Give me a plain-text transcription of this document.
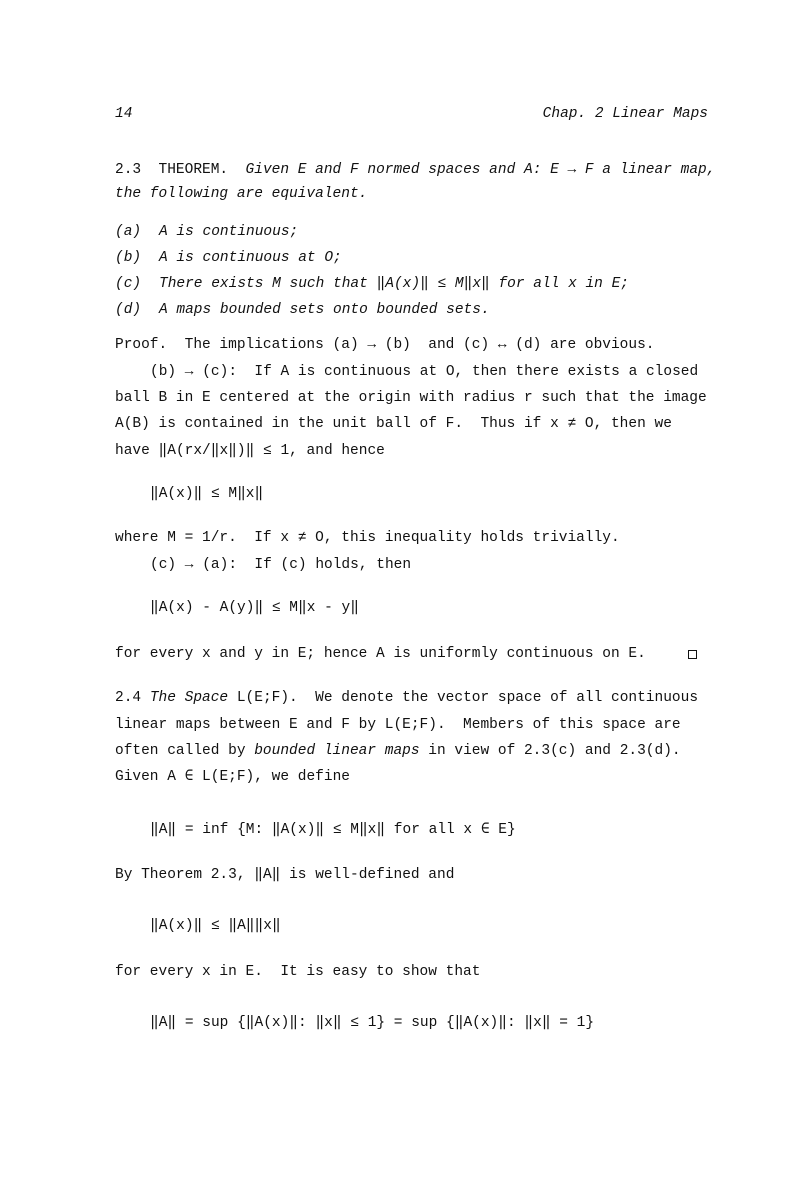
14	Chap. 2 Linear Maps
2.3 THEOREM. Given E and F normed spaces and A: E → F a linear map,
the following are equivalent.
(a) A is continuous;
(b) A is continuous at O;
(c) There exists M such that ‖A(x)‖ ≤ M‖x‖ for all x in E;
(d) A maps bounded sets onto bounded sets.
Proof.  The implications (a) → (b)  and (c) ↔ (d) are obvious.
(b) → (c):  If A is continuous at O, then there exists a closed
ball B in E centered at the origin with radius r such that the image
A(B) is contained in the unit ball of F.  Thus if x ≠ O, then we
have ‖A(rx/‖x‖)‖ ≤ 1, and hence
‖A(x)‖ ≤ M‖x‖
where M = 1/r.  If x ≠ O, this inequality holds trivially.
(c) → (a):  If (c) holds, then
‖A(x) - A(y)‖ ≤ M‖x - y‖
for every x and y in E; hence A is uniformly continuous on E.
2.4 The Space L(E;F).  We denote the vector space of all continuous
linear maps between E and F by L(E;F).  Members of this space are
often called by bounded linear maps in view of 2.3(c) and 2.3(d).
Given A ∈ L(E;F), we define
‖A‖ = inf {M: ‖A(x)‖ ≤ M‖x‖ for all x ∈ E}
By Theorem 2.3, ‖A‖ is well-defined and
‖A(x)‖ ≤ ‖A‖‖x‖
for every x in E.  It is easy to show that
‖A‖ = sup {‖A(x)‖: ‖x‖ ≤ 1} = sup {‖A(x)‖: ‖x‖ = 1}
